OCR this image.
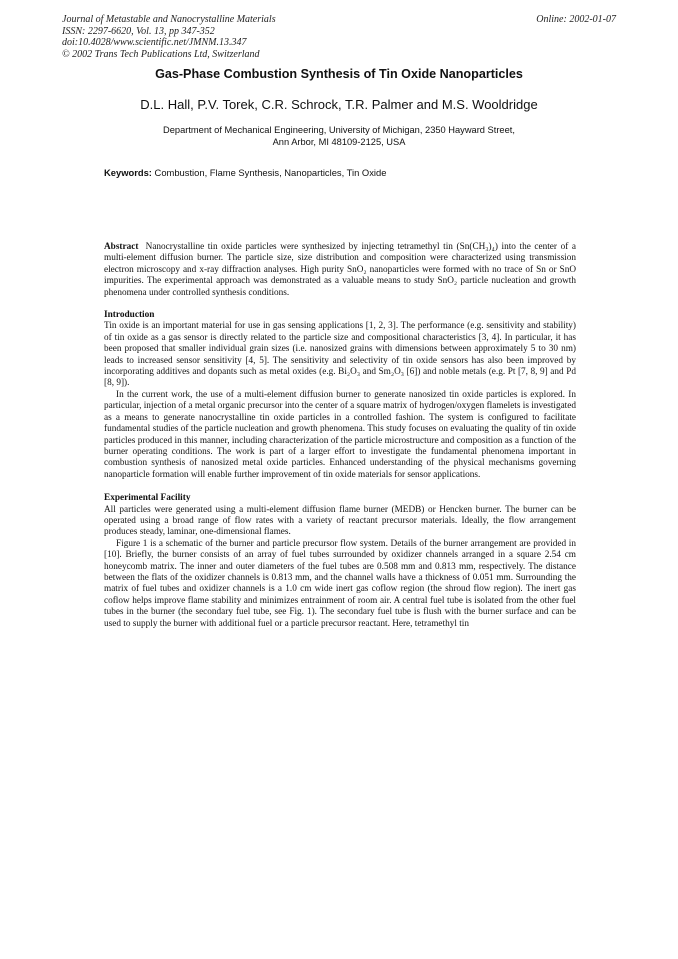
Journal of Metastable and Nanocrystalline Materials
ISSN: 2297-6620, Vol. 13, pp 347-352
doi:10.4028/www.scientific.net/JMNM.13.347
© 2002 Trans Tech Publications Ltd, Switzerland
Online: 2002-01-07
Gas-Phase Combustion Synthesis of Tin Oxide Nanoparticles
D.L. Hall, P.V. Torek, C.R. Schrock, T.R. Palmer and M.S. Wooldridge
Department of Mechanical Engineering, University of Michigan, 2350 Hayward Street,
Ann Arbor, MI 48109-2125, USA
Keywords: Combustion, Flame Synthesis, Nanoparticles, Tin Oxide

Abstract Nanocrystalline tin oxide particles were synthesized by injecting tetramethyl tin (Sn(CH₃)₄) into the center of a multi-element diffusion burner. The particle size, size distribution and composition were characterized using transmission electron microscopy and x-ray diffraction analyses. High purity SnO₂ nanoparticles were formed with no trace of Sn or SnO impurities. The experimental approach was demonstrated as a valuable means to study SnO₂ particle nucleation and growth phenomena under controlled synthesis conditions.

Introduction

Tin oxide is an important material for use in gas sensing applications [1, 2, 3]. The performance (e.g. sensitivity and stability) of tin oxide as a gas sensor is directly related to the particle size and compositional characteristics [3, 4]. In particular, it has been proposed that smaller individual grain sizes (i.e. nanosized grains with dimensions between approximately 5 to 30 nm) leads to increased sensor sensitivity [4, 5]. The sensitivity and selectivity of tin oxide sensors has also been improved by incorporating additives and dopants such as metal oxides (e.g. Bi₂O₃ and Sm₂O₃ [6]) and noble metals (e.g. Pt [7, 8, 9] and Pd [8, 9]).

In the current work, the use of a multi-element diffusion burner to generate nanosized tin oxide particles is explored. In particular, injection of a metal organic precursor into the center of a square matrix of hydrogen/oxygen flamelets is investigated as a means to generate nanocrystalline tin oxide particles in a controlled fashion. The system is configured to facilitate fundamental studies of the particle nucleation and growth phenomena. This study focuses on evaluating the quality of tin oxide particles produced in this manner, including characterization of the particle microstructure and composition as a function of the burner operating conditions. The work is part of a larger effort to investigate the fundamental phenomena important in combustion synthesis of nanosized metal oxide particles. Enhanced understanding of the physical mechanisms governing nanoparticle formation will enable further improvement of tin oxide materials for sensor applications.

Experimental Facility

All particles were generated using a multi-element diffusion flame burner (MEDB) or Hencken burner. The burner can be operated using a broad range of flow rates with a variety of reactant precursor materials. Ideally, the flow arrangement produces steady, laminar, one-dimensional flames.

Figure 1 is a schematic of the burner and particle precursor flow system. Details of the burner arrangement are provided in [10]. Briefly, the burner consists of an array of fuel tubes surrounded by oxidizer channels arranged in a square 2.54 cm honeycomb matrix. The inner and outer diameters of the fuel tubes are 0.508 mm and 0.813 mm, respectively. The distance between the flats of the oxidizer channels is 0.813 mm, and the channel walls have a thickness of 0.051 mm. Surrounding the matrix of fuel tubes and oxidizer channels is a 1.0 cm wide inert gas coflow region (the shroud flow region). The inert gas coflow helps improve flame stability and minimizes entrainment of room air. A central fuel tube is isolated from the other fuel tubes in the burner (the secondary fuel tube, see Fig. 1). The secondary fuel tube is flush with the burner surface and can be used to supply the burner with additional fuel or a particle precursor reactant. Here, tetramethyl tin
